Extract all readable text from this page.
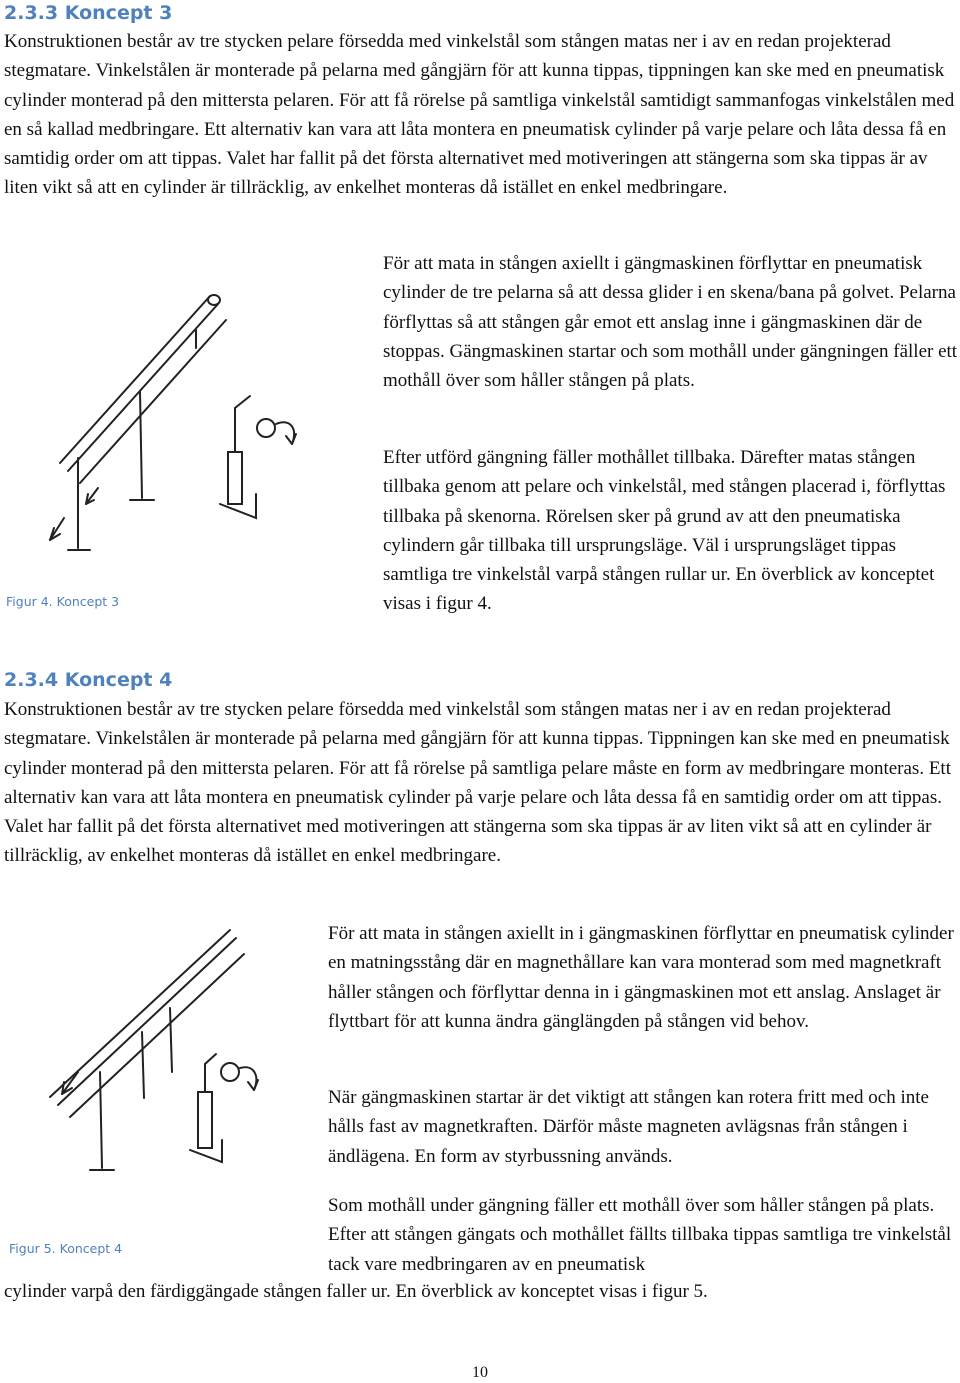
2.3.3 Koncept 3

Konstruktionen består av tre stycken pelare försedda med vinkelstål som stången matas ner i av en redan projekterad stegmatare. Vinkelstålen är monterade på pelarna med gångjärn för att kunna tippas, tippningen kan ske med en pneumatisk cylinder monterad på den mittersta pelaren. För att få rörelse på samtliga vinkelstål samtidigt sammanfogas vinkelstålen med en så kallad medbringare. Ett alternativ kan vara att låta montera en pneumatisk cylinder på varje pelare och låta dessa få en samtidig order om att tippas. Valet har fallit på det första alternativet med motiveringen att stängerna som ska tippas är av liten vikt så att en cylinder är tillräcklig, av enkelhet monteras då istället en enkel medbringare.

Figur 4. Koncept 3

För att mata in stången axiellt i gängmaskinen förflyttar en pneumatisk cylinder de tre pelarna så att dessa glider i en skena/bana på golvet. Pelarna förflyttas så att stången går emot ett anslag inne i gängmaskinen där de stoppas. Gängmaskinen startar och som mothåll under gängningen fäller ett mothåll över som håller stången på plats.

Efter utförd gängning fäller mothållet tillbaka. Därefter matas stången tillbaka genom att pelare och vinkelstål, med stången placerad i, förflyttas tillbaka på skenorna. Rörelsen sker på grund av att den pneumatiska cylindern går tillbaka till ursprungsläge. Väl i ursprungsläget tippas samtliga tre vinkelstål varpå stången rullar ur. En överblick av konceptet visas i figur 4.

2.3.4 Koncept 4

Konstruktionen består av tre stycken pelare försedda med vinkelstål som stången matas ner i av en redan projekterad stegmatare. Vinkelstålen är monterade på pelarna med gångjärn för att kunna tippas. Tippningen kan ske med en pneumatisk cylinder monterad på den mittersta pelaren. För att få rörelse på samtliga pelare måste en form av medbringare monteras. Ett alternativ kan vara att låta montera en pneumatisk cylinder på varje pelare och låta dessa få en samtidig order om att tippas. Valet har fallit på det första alternativet med motiveringen att stängerna som ska tippas är av liten vikt så att en cylinder är tillräcklig, av enkelhet monteras då istället en enkel medbringare.

Figur 5. Koncept 4

För att mata in stången axiellt in i gängmaskinen förflyttar en pneumatisk cylinder en matningsstång där en magnethållare kan vara monterad som med magnetkraft håller stången och förflyttar denna in i gängmaskinen mot ett anslag. Anslaget är flyttbart för att kunna ändra gänglängden på stången vid behov.

När gängmaskinen startar är det viktigt att stången kan rotera fritt med och inte hålls fast av magnetkraften. Därför måste magneten avlägsnas från stången i ändlägena. En form av styrbussning används.

Som mothåll under gängning fäller ett mothåll över som håller stången på plats. Efter att stången gängats och mothållet fällts tillbaka tippas samtliga tre vinkelstål tack vare medbringaren av en pneumatisk

cylinder varpå den färdiggängade stången faller ur. En överblick av konceptet visas i figur 5.

10
